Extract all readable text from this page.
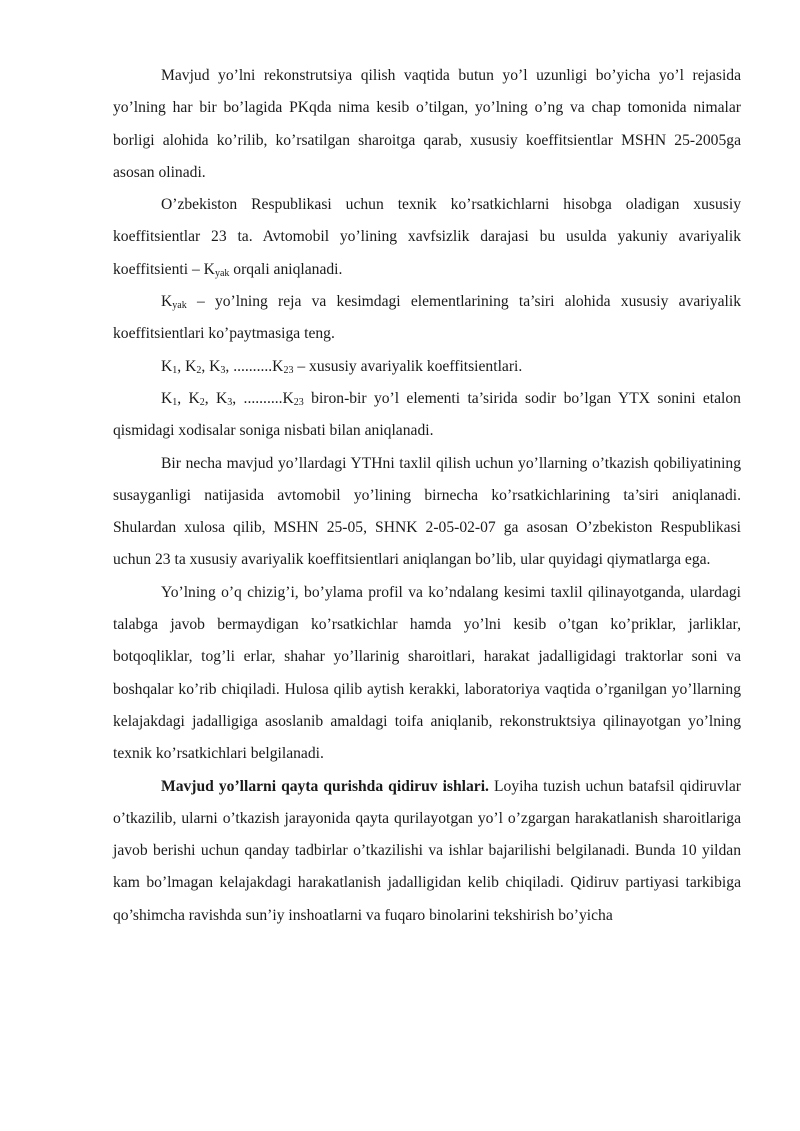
Mavjud yo’lni rekonstrutsiya qilish vaqtida butun yo’l uzunligi bo’yicha yo’l rejasida yo’lning har bir bo’lagida PKqda nima kesib o’tilgan, yo’lning o’ng va chap tomonida nimalar borligi alohida ko’rilib, ko’rsatilgan sharoitga qarab, xususiy koeffitsientlar MSHN 25-2005ga asosan olinadi.

O’zbekiston Respublikasi uchun texnik ko’rsatkichlarni hisobga oladigan xususiy koeffitsientlar 23 ta. Avtomobil yo’lining xavfsizlik darajasi bu usulda yakuniy avariyalik koeffitsienti – $K_{yak}$ orqali aniqlanadi.

$K_{yak}$ – yo’lning reja va kesimdagi elementlarining ta’siri alohida xususiy avariyalik koeffitsientlari ko’paytmasiga teng.

$K_1$, $K_2$, $K_3$, $..........K_{23}$ – xususiy avariyalik koeffitsientlari.

$K_1$, $K_2$, $K_3$, $..........K_{23}$ biron-bir yo’l elementi ta’sirida sodir bo’lgan YTX sonini etalon qismidagi xodisalar soniga nisbati bilan aniqlanadi.

Bir necha mavjud yo’llardagi YTHni taxlil qilish uchun yo’llarning o’tkazish qobiliyatining susayganligi natijasida avtomobil yo’lining birnecha ko’rsatkichlarining ta’siri aniqlanadi. Shulardan xulosa qilib, MSHN 25-05, SHNK 2-05-02-07 ga asosan O’zbekiston Respublikasi uchun 23 ta xususiy avariyalik koeffitsientlari aniqlangan bo’lib, ular quyidagi qiymatlarga ega.

Yo’lning o’q chizig’i, bo’ylama profil va ko’ndalang kesimi taxlil qilinayotganda, ulardagi talabga javob bermaydigan ko’rsatkichlar hamda yo’lni kesib o’tgan ko’priklar, jarliklar, botqoqliklar, tog’li erlar, shahar yo’llarinig sharoitlari, harakat jadalligidagi traktorlar soni va boshqalar ko’rib chiqiladi. Hulosa qilib aytish kerakki, laboratoriya vaqtida o’rganilgan yo’llarning kelajakdagi jadalligiga asoslanib amaldagi toifa aniqlanib, rekonstruktsiya qilinayotgan yo’lning texnik ko’rsatkichlari belgilanadi.

Mavjud yo’llarni qayta qurishda qidiruv ishlari. Loyiha tuzish uchun batafsil qidiruvlar o’tkazilib, ularni o’tkazish jarayonida qayta qurilayotgan yo’l o’zgargan harakatlanish sharoitlariga javob berishi uchun qanday tadbirlar o’tkazilishi va ishlar bajarilishi belgilanadi. Bunda 10 yildan kam bo’lmagan kelajakdagi harakatlanish jadalligidan kelib chiqiladi. Qidiruv partiyasi tarkibiga qo’shimcha ravishda sun’iy inshoatlarni va fuqaro binolarini tekshirish bo’yicha
